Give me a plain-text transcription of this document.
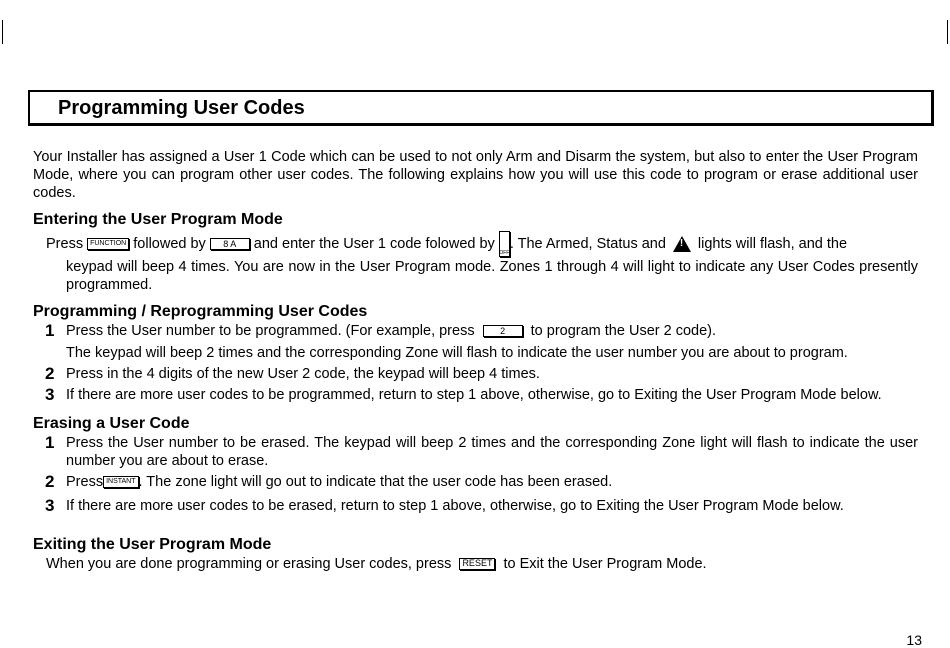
Programming User Codes

Your Installer has assigned a User 1 Code which can be used to not only Arm and Disarm the system, but also to enter the User Program Mode, where you can program other user codes. The following explains how you will use this code to program or erase additional user codes.

Entering the User Program Mode
Press	FUNCTION followed by	8 A	and enter the User 1 code folowed by
OFF
. The Armed, Status and
! lights will flash, and the

keypad will beep 4 times. You are now in the User Program mode. Zones 1 through 4 will light to indicate any User Codes presently programmed.

Programming / Reprogramming User Codes
1 Press the User number to be programmed. (For example, press	2 to program the User 2 code).
The keypad will beep 2 times and the corresponding Zone will flash to indicate the user number you are about to program.
2 Press in the 4 digits of the new User 2 code, the keypad will beep 4 times.
3 If there are more user codes to be programmed, return to step 1 above, otherwise, go to Exiting the User Program Mode below.
Erasing a User Code
1 Press the User number to be erased. The keypad will beep 2 times and the corresponding Zone light will flash to indicate the user number you are about to erase.
2 Press INSTANT . The zone light will go out to indicate that the user code has been erased.
3 If there are more user codes to be erased, return to step 1 above, otherwise, go to Exiting the User Program Mode below.
Exiting the User Program Mode
When you are done programming or erasing User codes, press RESET to Exit the User Program Mode.
13
